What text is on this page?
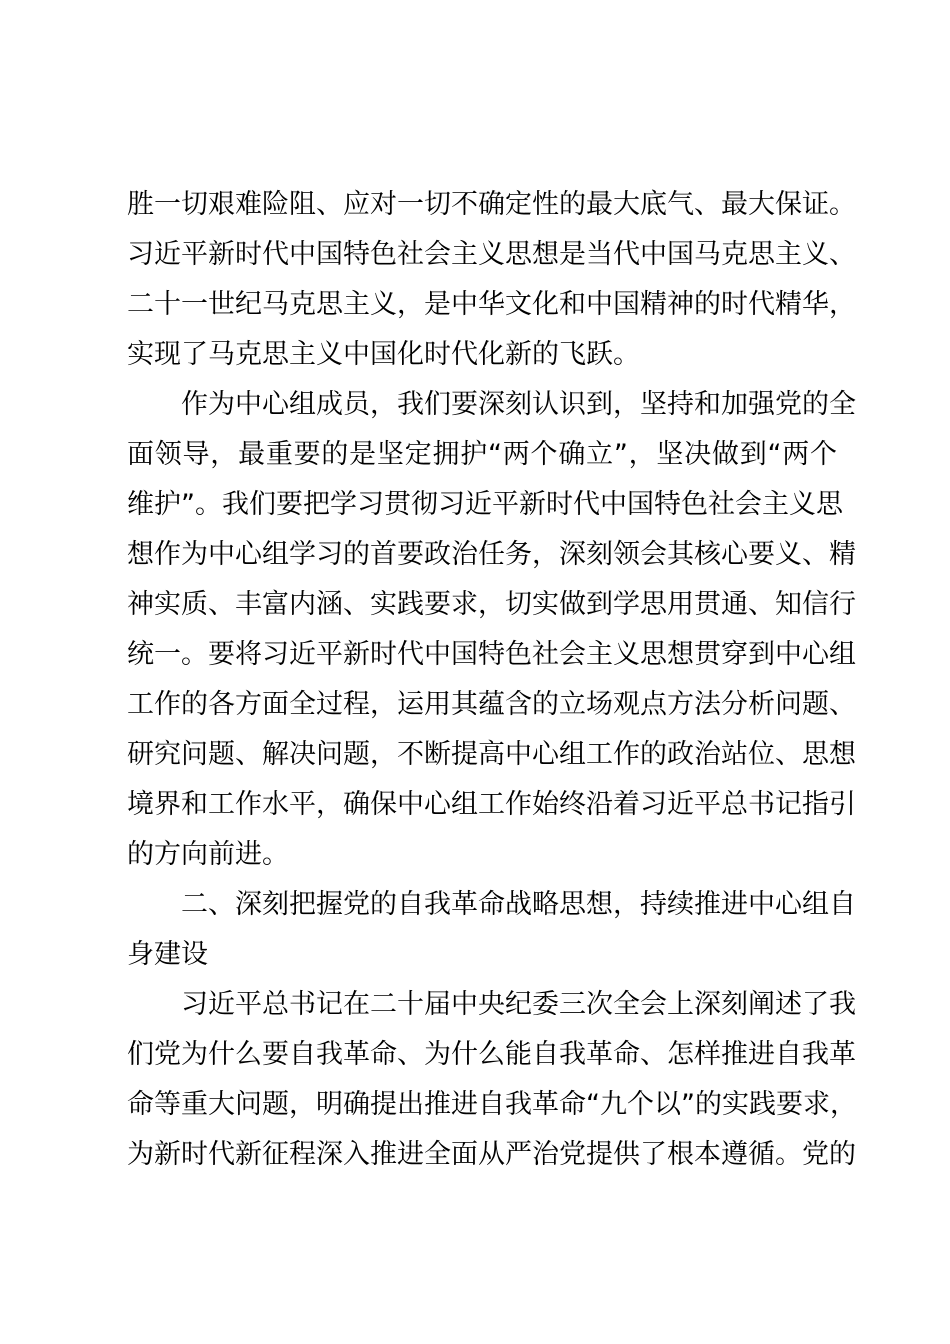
胜一切艰难险阻、应对一切不确定性的最大底气、最大保证。
习近平新时代中国特色社会主义思想是当代中国马克思主义、
二十一世纪马克思主义，是中华文化和中国精神的时代精华，
实现了马克思主义中国化时代化新的飞跃。
作为中心组成员，我们要深刻认识到，坚持和加强党的全
面领导，最重要的是坚定拥护“两个确立”，坚决做到“两个
维护”。我们要把学习贯彻习近平新时代中国特色社会主义思
想作为中心组学习的首要政治任务，深刻领会其核心要义、精
神实质、丰富内涵、实践要求，切实做到学思用贯通、知信行
统一。要将习近平新时代中国特色社会主义思想贯穿到中心组
工作的各方面全过程，运用其蕴含的立场观点方法分析问题、
研究问题、解决问题，不断提高中心组工作的政治站位、思想
境界和工作水平，确保中心组工作始终沿着习近平总书记指引
的方向前进。
二、深刻把握党的自我革命战略思想，持续推进中心组自
身建设
习近平总书记在二十届中央纪委三次全会上深刻阐述了我
们党为什么要自我革命、为什么能自我革命、怎样推进自我革
命等重大问题，明确提出推进自我革命“九个以”的实践要求，
为新时代新征程深入推进全面从严治党提供了根本遵循。党的
